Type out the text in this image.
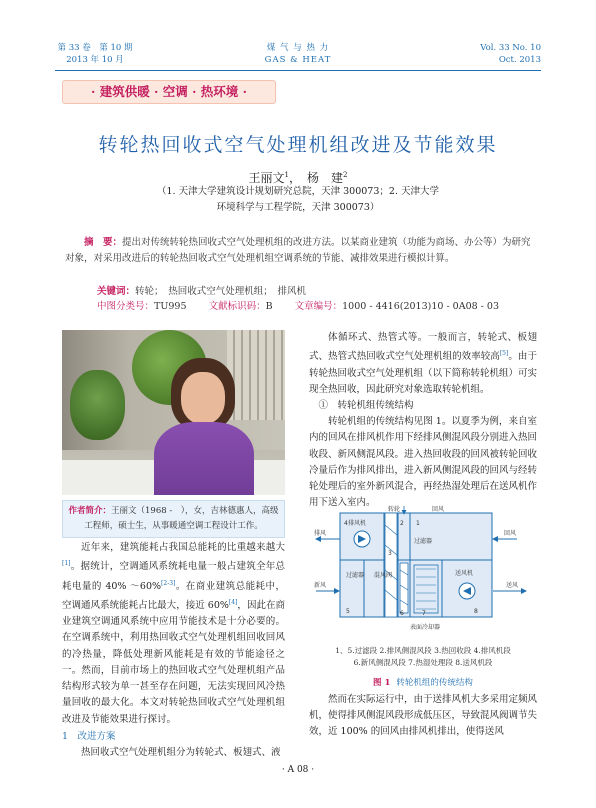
第 33 卷　第 10 期
2013 年 10 月
煤 气 与 热 力
GAS & HEAT
Vol. 33 No. 10
Oct. 2013
· 建筑供暖 · 空调 · 热环境 ·
转轮热回收式空气处理机组改进及节能效果
王丽文$^1$，　杨　建$^2$
（1. 天津大学建筑设计规划研究总院，天津 300073；2. 天津大学
环境科学与工程学院，天津 300073）
摘　要：提出对传统转轮热回收式空气处理机组的改进方法。以某商业建筑（功能为商场、办公等）为研究对象，对采用改进后的转轮热回收式空气处理机组空调系统的节能、减排效果进行模拟计算。
关键词：转轮；　热回收式空气处理机组；　排风机
中图分类号：TU995 文献标识码：B 文章编号：1000 - 4416(2013)10 - 0A08 - 03
作者简介：王丽文（1968 -　），女，吉林德惠人，高级工程师，硕士生，从事暖通空调工程设计工作。

近年来，建筑能耗占我国总能耗的比重越来越大[1]。据统计，空调通风系统耗电量一般占建筑全年总耗电量的 40% ～60%[2-3]。在商业建筑总能耗中，空调通风系统能耗占比最大，接近 60%[4]，因此在商业建筑空调通风系统中应用节能技术是十分必要的。在空调系统中，利用热回收式空气处理机组回收回风的冷热量，降低处理新风能耗是有效的节能途径之一。然而，目前市场上的热回收式空气处理机组产品结构形式较为单一甚至存在问题，无法实现回风冷热量回收的最大化。本文对转轮热回收式空气处理机组改进及节能效果进行探讨。

1　改进方案

热回收式空气处理机组分为转轮式、板翅式、液

体循环式、热管式等。一般而言，转轮式、板翅式、热管式热回收式空气处理机组的效率较高[5]。由于转轮热回收式空气处理机组（以下简称转轮机组）可实现全热回收，因此研究对象选取转轮机组。

①　转轮机组传统结构

转轮机组的传统结构见图 1。以夏季为例，来自室内的回风在排风机作用下经排风侧混风段分别进入热回收段、新风侧混风段。进入热回收段的回风被转轮回收冷量后作为排风排出，进入新风侧混风段的回风与经转轮处理后的室外新风混合，再经热湿处理后在送风机作用下送入室内。

转轮	回风
排风机
排风	回风
新风
送风机
送风
过滤器
1
2
3
4
5	6	7	8
过滤器 混风阀
表面冷却器
1、5.过滤段 2.排风侧混风段 3.热回收段 4.排风机段
6.新风侧混风段 7.热湿处理段 8.送风机段
图 1 转轮机组的传统结构

然而在实际运行中，由于送排风机大多采用定频风机，使得排风侧混风段形成低压区，导致混风阀调节失效，近 100% 的回风由排风机排出，使得送风

· A 08 ·
